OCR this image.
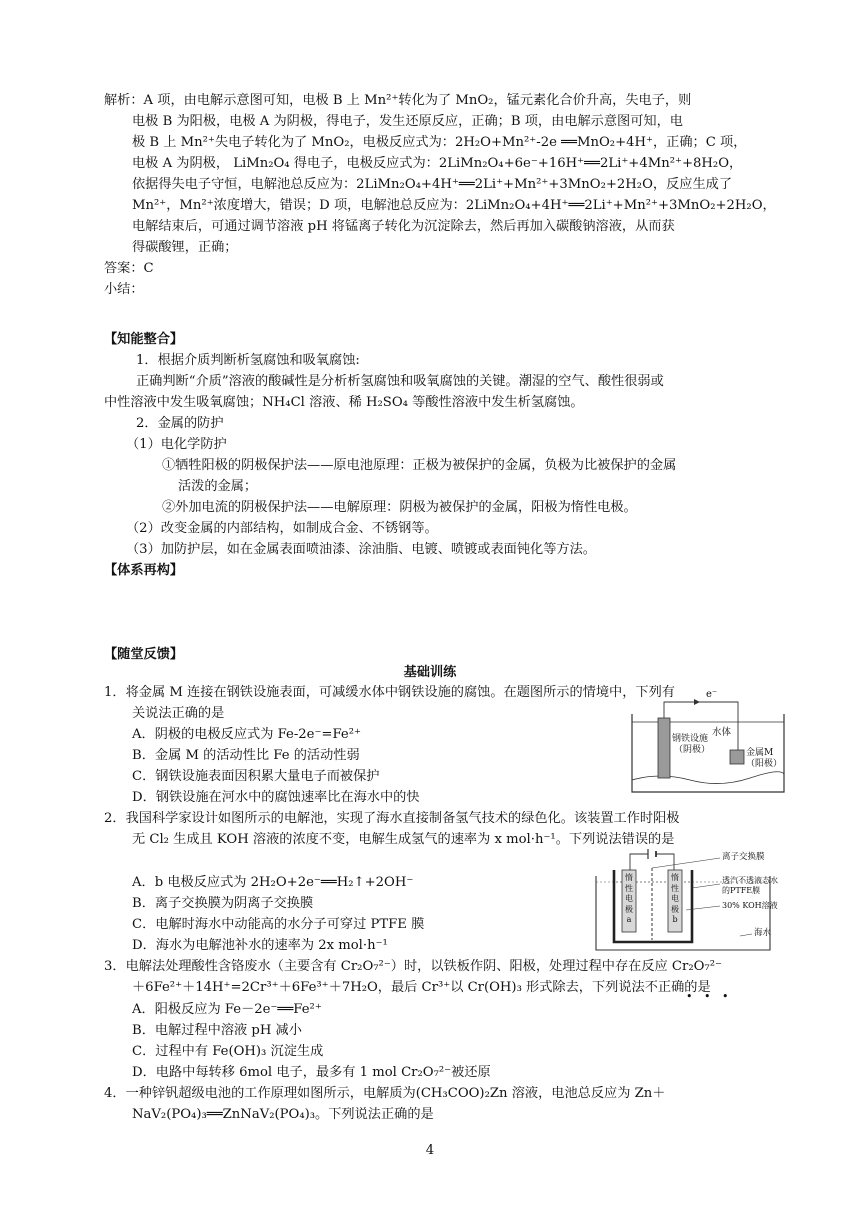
解析：A 项，由电解示意图可知，电极 B 上 Mn²⁺转化为了 MnO₂，锰元素化合价升高，失电子，则
电极 B 为阳极，电极 A 为阴极，得电子，发生还原反应，正确；B 项，由电解示意图可知，电
极 B 上 Mn²⁺失电子转化为了 MnO₂，电极反应式为：2H₂O+Mn²⁺-2e ══MnO₂+4H⁺，正确；C 项，
电极 A 为阴极， LiMn₂O₄ 得电子，电极反应式为：2LiMn₂O₄+6e⁻+16H⁺══2Li⁺+4Mn²⁺+8H₂O，
依据得失电子守恒，电解池总反应为：2LiMn₂O₄+4H⁺══2Li⁺+Mn²⁺+3MnO₂+2H₂O，反应生成了
Mn²⁺，Mn²⁺浓度增大，错误；D 项，电解池总反应为：2LiMn₂O₄+4H⁺══2Li⁺+Mn²⁺+3MnO₂+2H₂O，
电解结束后，可通过调节溶液 pH 将锰离子转化为沉淀除去，然后再加入碳酸钠溶液，从而获
得碳酸锂，正确；
答案：C
小结：
【知能整合】
1．根据介质判断析氢腐蚀和吸氧腐蚀:
正确判断“介质”溶液的酸碱性是分析析氢腐蚀和吸氧腐蚀的关键。潮湿的空气、酸性很弱或
中性溶液中发生吸氧腐蚀；NH₄Cl 溶液、稀 H₂SO₄ 等酸性溶液中发生析氢腐蚀。
2．金属的防护
（1）电化学防护
①牺牲阳极的阴极保护法——原电池原理：正极为被保护的金属，负极为比被保护的金属
活泼的金属；
②外加电流的阴极保护法——电解原理：阴极为被保护的金属，阳极为惰性电极。
（2）改变金属的内部结构，如制成合金、不锈钢等。
（3）加防护层，如在金属表面喷油漆、涂油脂、电镀、喷镀或表面钝化等方法。
【体系再构】
【随堂反馈】
基础训练
1．将金属 M 连接在钢铁设施表面，可减缓水体中钢铁设施的腐蚀。在题图所示的情境中，下列有
关说法正确的是
A．阴极的电极反应式为 Fe-2e⁻=Fe²⁺
B．金属 M 的活动性比 Fe 的活动性弱
C．钢铁设施表面因积累大量电子而被保护
D．钢铁设施在河水中的腐蚀速率比在海水中的快
e⁻
水体
钢铁设施
（阴极）	金属M
（阳极）
2．我国科学家设计如图所示的电解池，实现了海水直接制备氢气技术的绿色化。该装置工作时阳极
无 Cl₂ 生成且 KOH 溶液的浓度不变，电解生成氢气的速率为 x mol·h⁻¹。下列说法错误的是
A．b 电极反应式为 2H₂O+2e⁻══H₂↑+2OH⁻
B．离子交换膜为阴离子交换膜
C．电解时海水中动能高的水分子可穿过 PTFE 膜
D．海水为电解池补水的速率为 2x mol·h⁻¹
离子交换膜
透汽不透液态水
的PTFE膜
30% KOH溶液
海水
惰
性
电
极
a
惰
性
电
极
b
3．电解法处理酸性含铬废水（主要含有 Cr₂O₇²⁻）时，以铁板作阴、阳极，处理过程中存在反应 Cr₂O₇²⁻
＋6Fe²⁺＋14H⁺=2Cr³⁺＋6Fe³⁺＋7H₂O，最后 Cr³⁺以 Cr(OH)₃ 形式除去，下列说法不正确的是
• • •
A．阳极反应为 Fe－2e⁻══Fe²⁺
B．电解过程中溶液 pH 减小
C．过程中有 Fe(OH)₃ 沉淀生成
D．电路中每转移 6mol 电子，最多有 1 mol Cr₂O₇²⁻被还原
4．一种锌钒超级电池的工作原理如图所示，电解质为(CH₃COO)₂Zn 溶液，电池总反应为 Zn＋
NaV₂(PO₄)₃══ZnNaV₂(PO₄)₃。下列说法正确的是
4
